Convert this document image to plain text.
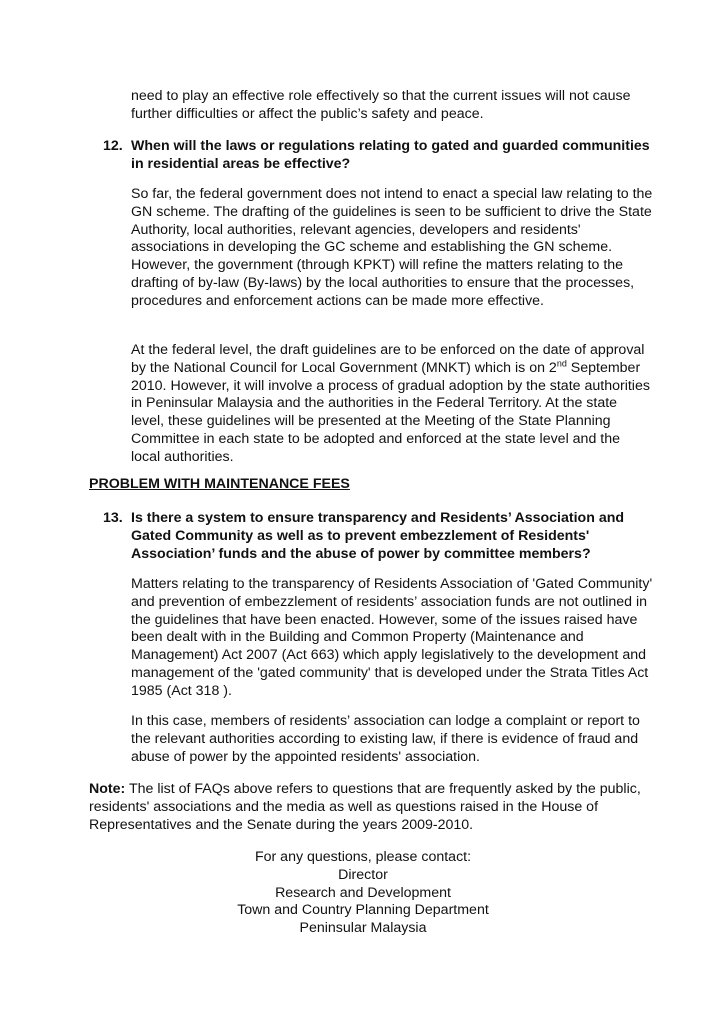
need to play an effective role effectively so that the current issues will not cause further difficulties or affect the public’s safety and peace.

12. When will the laws or regulations relating to gated and guarded communities in residential areas be effective?

So far, the federal government does not intend to enact a special law relating to the GN scheme. The drafting of the guidelines is seen to be sufficient to drive the State Authority, local authorities, relevant agencies, developers and residents' associations in developing the GC scheme and establishing the GN scheme. However, the government (through KPKT) will refine the matters relating to the drafting of by-law (By-laws) by the local authorities to ensure that the processes, procedures and enforcement actions can be made more effective.

At the federal level, the draft guidelines are to be enforced on the date of approval by the National Council for Local Government (MNKT) which is on 2nd September 2010. However, it will involve a process of gradual adoption by the state authorities in Peninsular Malaysia and the authorities in the Federal Territory. At the state level, these guidelines will be presented at the Meeting of the State Planning Committee in each state to be adopted and enforced at the state level and the local authorities.

PROBLEM WITH MAINTENANCE FEES

13. Is there a system to ensure transparency and Residents’ Association and Gated Community as well as to prevent embezzlement of Residents' Association’ funds and the abuse of power by committee members?

Matters relating to the transparency of Residents Association of 'Gated Community' and prevention of embezzlement of residents’ association funds are not outlined in the guidelines that have been enacted. However, some of the issues raised have been dealt with in the Building and Common Property (Maintenance and Management) Act 2007 (Act 663) which apply legislatively to the development and management of the 'gated community' that is developed under the Strata Titles Act 1985 (Act 318 ).

In this case, members of residents’ association can lodge a complaint or report to the relevant authorities according to existing law, if there is evidence of fraud and abuse of power by the appointed residents' association.

Note: The list of FAQs above refers to questions that are frequently asked by the public, residents' associations and the media as well as questions raised in the House of Representatives and the Senate during the years 2009-2010.

For any questions, please contact:
Director
Research and Development
Town and Country Planning Department
Peninsular Malaysia
